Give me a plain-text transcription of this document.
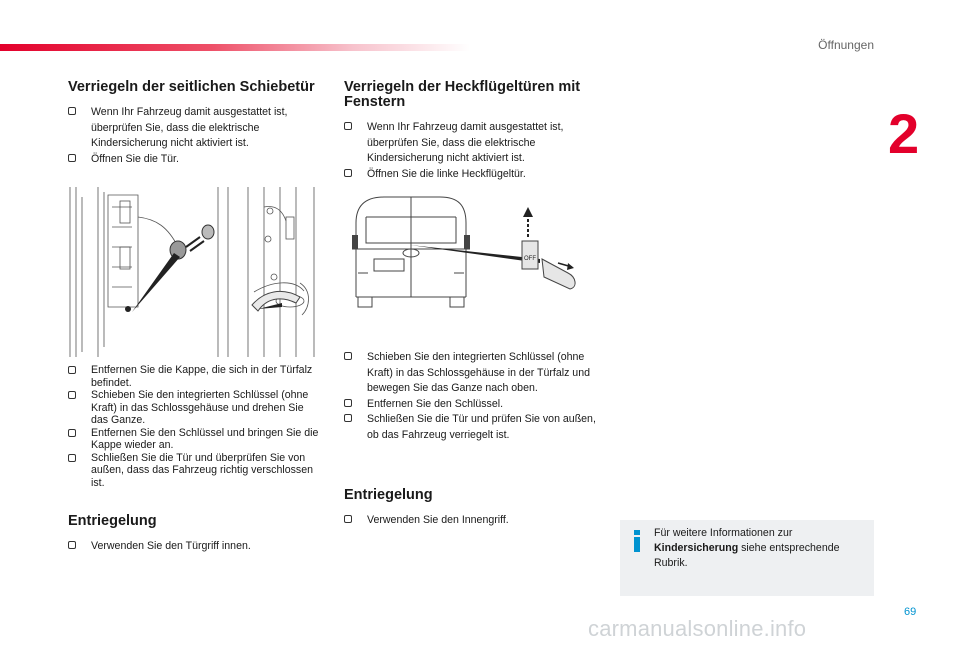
Öffnungen
2
Verriegeln der seitlichen Schiebetür
Wenn Ihr Fahrzeug damit ausgestattet ist, überprüfen Sie, dass die elektrische Kindersicherung nicht aktiviert ist.
Öffnen Sie die Tür.
Entfernen Sie die Kappe, die sich in der Türfalz befindet.
Schieben Sie den integrierten Schlüssel (ohne Kraft) in das Schlossgehäuse und drehen Sie das Ganze.
Entfernen Sie den Schlüssel und bringen Sie die Kappe wieder an.
Schließen Sie die Tür und überprüfen Sie von außen, dass das Fahrzeug richtig verschlossen ist.
Entriegelung
Verwenden Sie den Türgriff innen.
Verriegeln der Heckflügeltüren mit Fenstern
Wenn Ihr Fahrzeug damit ausgestattet ist, überprüfen Sie, dass die elektrische Kindersicherung nicht aktiviert ist.
Öffnen Sie die linke Heckflügeltür.
OFF
Schieben Sie den integrierten Schlüssel (ohne Kraft) in das Schlossgehäuse in der Türfalz und bewegen Sie das Ganze nach oben.
Entfernen Sie den Schlüssel.
Schließen Sie die Tür und prüfen Sie von außen, ob das Fahrzeug verriegelt ist.
Entriegelung
Verwenden Sie den Innengriff.
Für weitere Informationen zur Kindersicherung siehe entsprechende Rubrik.
69
carmanualsonline.info
